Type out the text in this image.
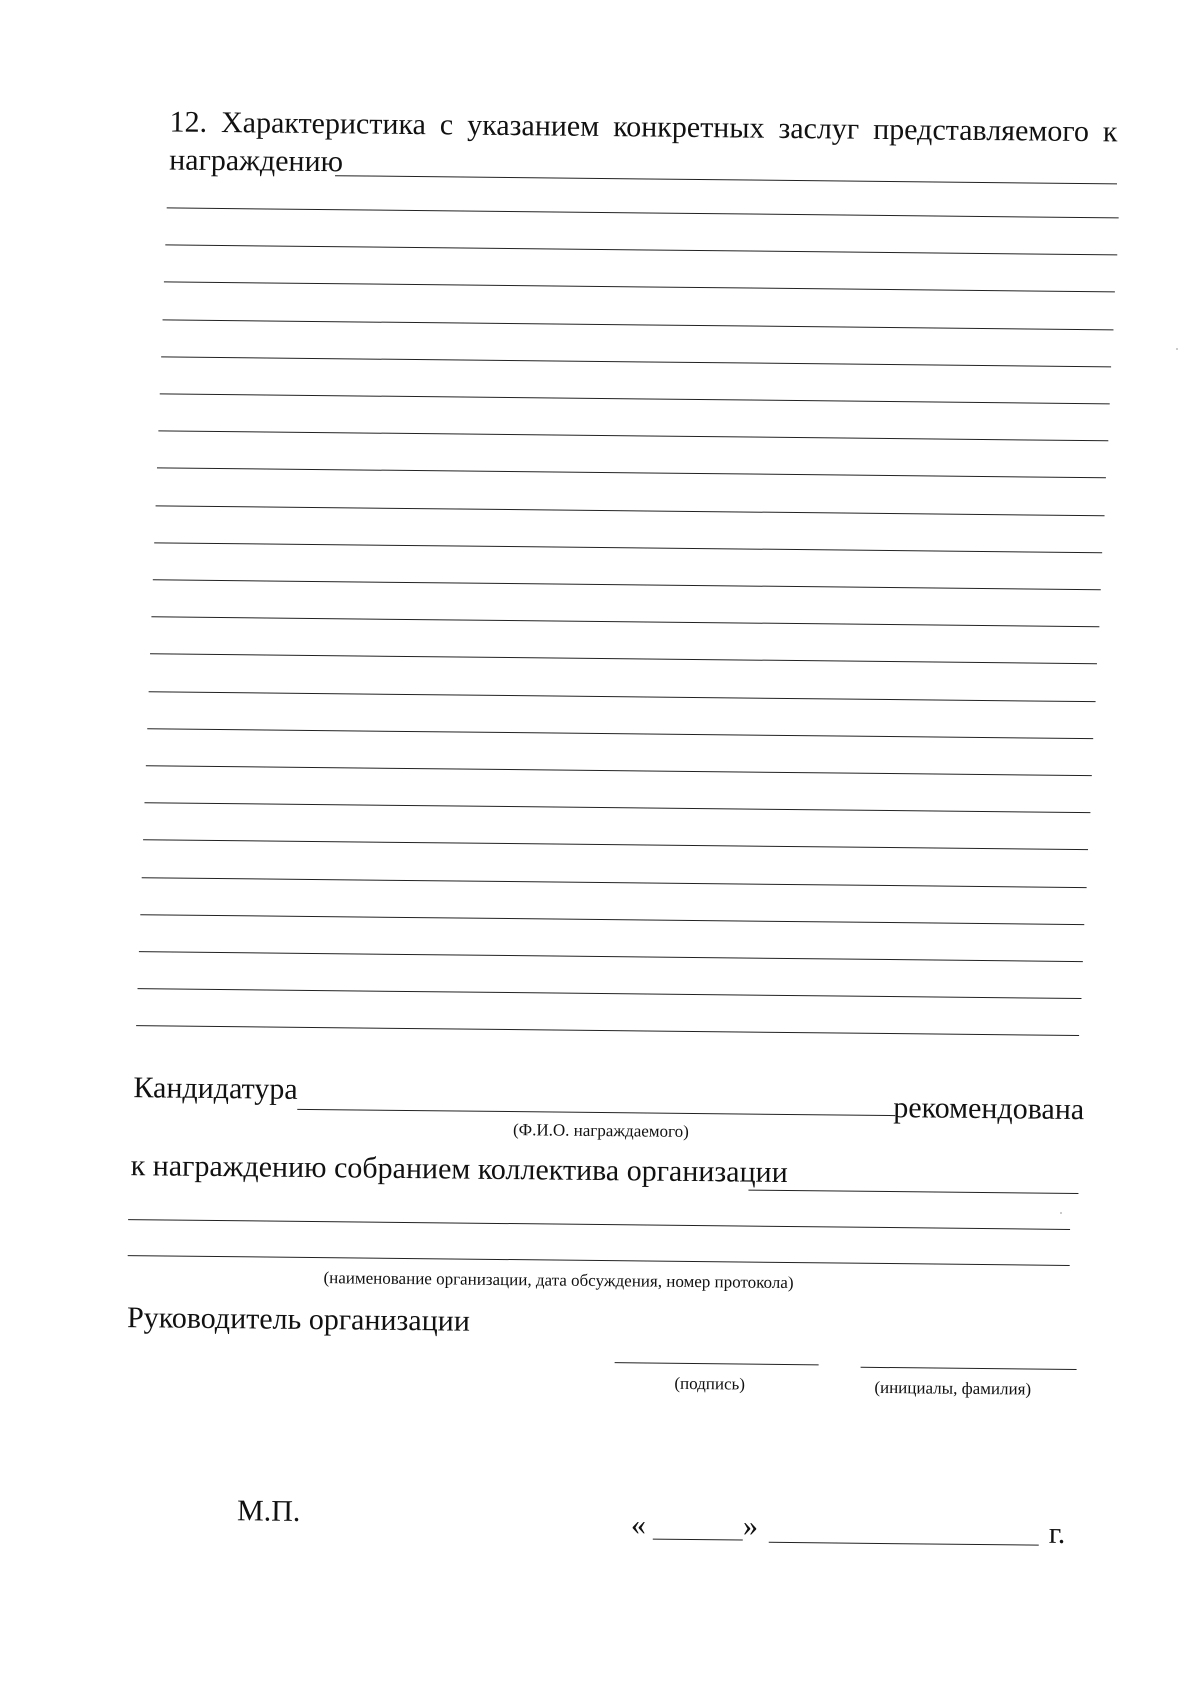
12. Характеристика с указанием конкретных заслуг представляемого к
награждению
Кандидатура
рекомендована
(Ф.И.О. награждаемого)
к награждению собранием коллектива организации
(наименование организации, дата обсуждения, номер протокола)
Руководитель организации
(подпись)	(инициалы, фамилия)
М.П.	«	»	г.
